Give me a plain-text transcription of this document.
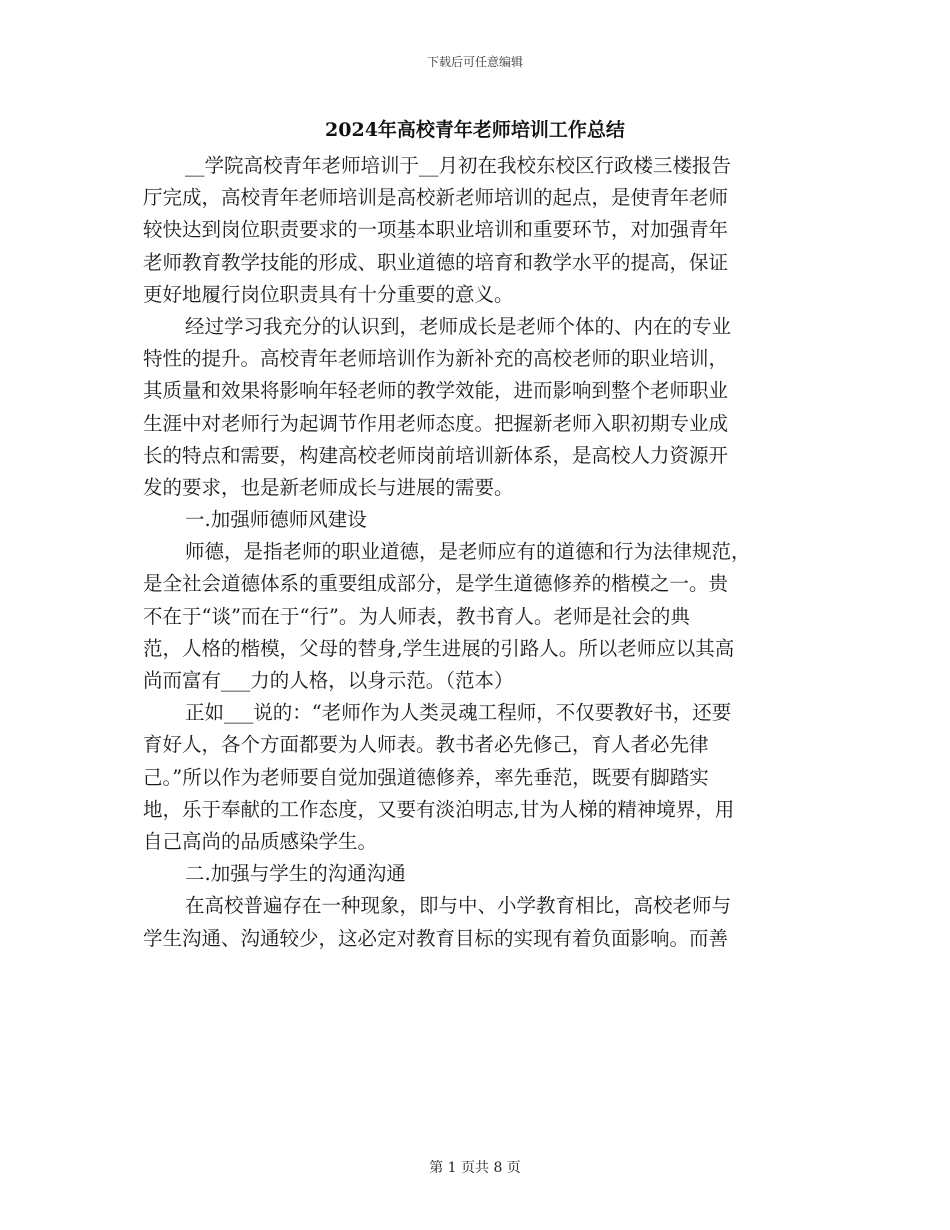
下载后可任意编辑
2024年高校青年老师培训工作总结
__学院高校青年老师培训于__月初在我校东校区行政楼三楼报告
厅完成，高校青年老师培训是高校新老师培训的起点，是使青年老师
较快达到岗位职责要求的一项基本职业培训和重要环节，对加强青年
老师教育教学技能的形成、职业道德的培育和教学水平的提高，保证
更好地履行岗位职责具有十分重要的意义。
经过学习我充分的认识到，老师成长是老师个体的、内在的专业
特性的提升。高校青年老师培训作为新补充的高校老师的职业培训，
其质量和效果将影响年轻老师的教学效能，进而影响到整个老师职业
生涯中对老师行为起调节作用老师态度。把握新老师入职初期专业成
长的特点和需要，构建高校老师岗前培训新体系，是高校人力资源开
发的要求，也是新老师成长与进展的需要。
一.加强师德师风建设
师德，是指老师的职业道德，是老师应有的道德和行为法律规范，
是全社会道德体系的重要组成部分，是学生道德修养的楷模之一。贵
不在于“谈”而在于“行”。为人师表，教书育人。老师是社会的典
范，人格的楷模，父母的替身,学生进展的引路人。所以老师应以其高
尚而富有___力的人格，以身示范。（范本）
正如___说的：“老师作为人类灵魂工程师，不仅要教好书，还要
育好人，各个方面都要为人师表。教书者必先修己，育人者必先律
己。”所以作为老师要自觉加强道德修养，率先垂范，既要有脚踏实
地，乐于奉献的工作态度，又要有淡泊明志,甘为人梯的精神境界，用
自己高尚的品质感染学生。
二.加强与学生的沟通沟通
在高校普遍存在一种现象，即与中、小学教育相比，高校老师与
学生沟通、沟通较少，这必定对教育目标的实现有着负面影响。而善
第 1 页共 8 页
